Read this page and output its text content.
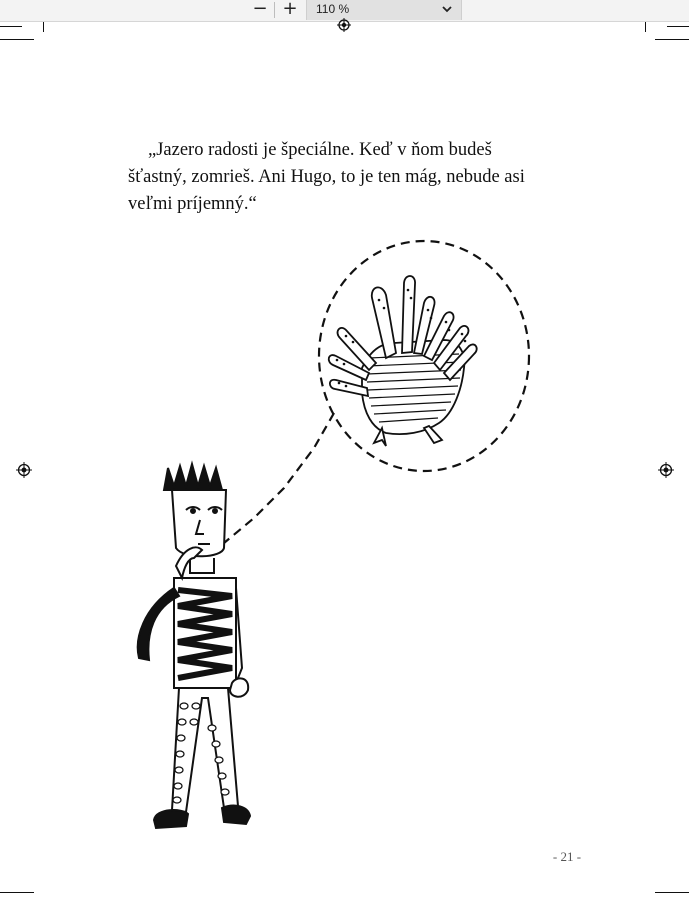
− +	110 %

„Jazero radosti je špeciálne. Keď v ňom budeš šťastný, zomrieš. Ani Hugo, to je ten mág, nebude asi veľmi príjemný.“

- 21 -
